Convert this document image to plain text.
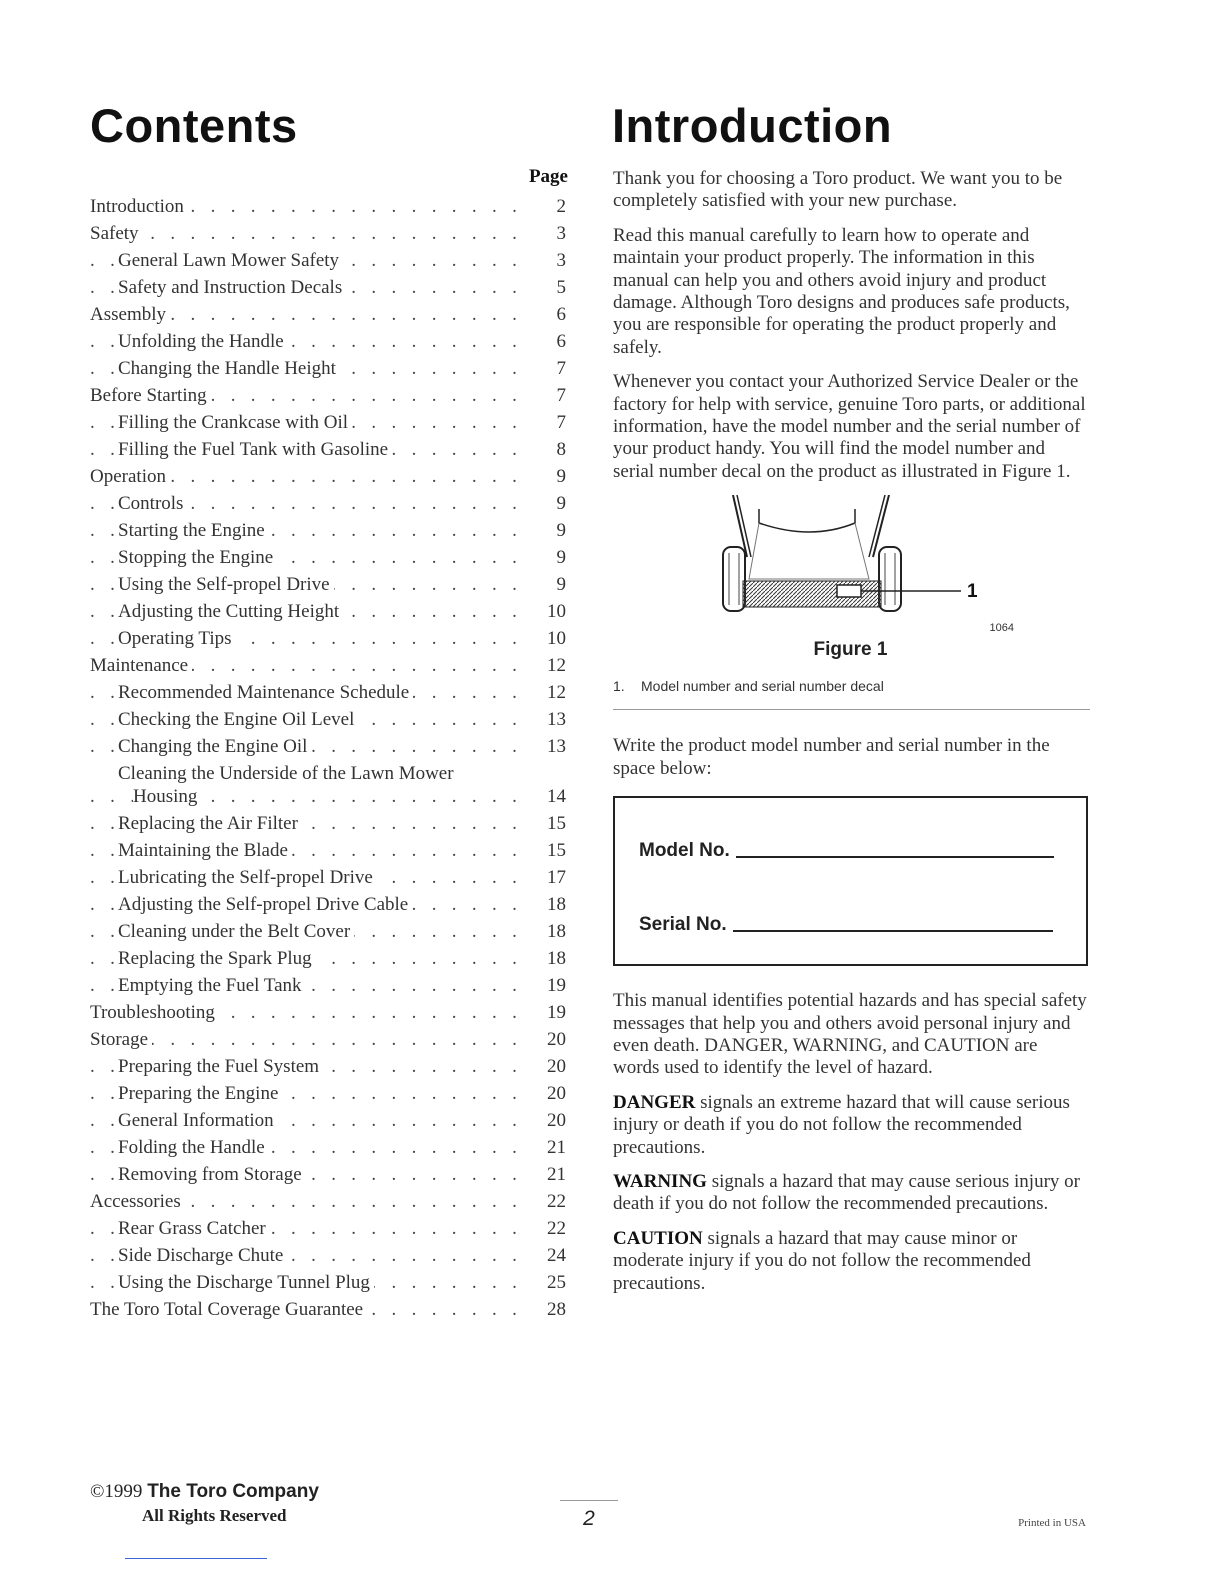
Contents	Introduction
Page
. . .
Introduction	2
. . .
Safety	3
. . .
General Lawn Mower Safety	3
. . .
Safety and Instruction Decals	5
. . .
Assembly	6
. . .
Unfolding the Handle	6
. . .
Changing the Handle Height	7
. . .
Before Starting	7
. . .
Filling the Crankcase with Oil	7
. . .
Filling the Fuel Tank with Gasoline	8
. . .
Operation	9
. . .
Controls	9
. . .
Starting the Engine	9
. . .
Stopping the Engine	9
. . .
Using the Self-propel Drive	9
. . .
Adjusting the Cutting Height	10
. . .
Operating Tips	10
. . .
Maintenance	12
. . .
Recommended Maintenance Schedule	12
. . .
Checking the Engine Oil Level	13
. . .
Changing the Engine Oil	13
Cleaning the Underside of the Lawn Mower
. . .
Housing	14
. . .
Replacing the Air Filter	15
. . .
Maintaining the Blade	15
. . .
Lubricating the Self-propel Drive	17
. . .
Adjusting the Self-propel Drive Cable	18
. . .
Cleaning under the Belt Cover	18
. . .
Replacing the Spark Plug	18
. . .
Emptying the Fuel Tank	19
. . .
Troubleshooting	19
. . .
Storage	20
. . .
Preparing the Fuel System	20
. . .
Preparing the Engine	20
. . .
General Information	20
. . .
Folding the Handle	21
. . .
Removing from Storage	21
. . .
Accessories	22
. . .
Rear Grass Catcher	22
. . .
Side Discharge Chute	24
. . .
Using the Discharge Tunnel Plug	25
. . .
The Toro Total Coverage Guarantee	28

Thank you for choosing a Toro product. We want you to be completely satisfied with your new purchase.

Read this manual carefully to learn how to operate and maintain your product properly. The information in this manual can help you and others avoid injury and product damage. Although Toro designs and produces safe products, you are responsible for operating the product properly and safely.

Whenever you contact your Authorized Service Dealer or the factory for help with service, genuine Toro parts, or additional information, have the model number and the serial number of your product handy. You will find the model number and serial number decal on the product as illustrated in Figure 1.

1
1064
Figure 1
1. Model number and serial number decal

Write the product model number and serial number in the space below:

Model No.
Serial No.

This manual identifies potential hazards and has special safety messages that help you and others avoid personal injury and even death. DANGER, WARNING, and CAUTION are words used to identify the level of hazard.

DANGER signals an extreme hazard that will cause serious injury or death if you do not follow the recommended precautions.

WARNING signals a hazard that may cause serious injury or death if you do not follow the recommended precautions.

CAUTION signals a hazard that may cause minor or moderate injury if you do not follow the recommended precautions.

©1999 The Toro Company
All Rights Reserved	2	Printed in USA
